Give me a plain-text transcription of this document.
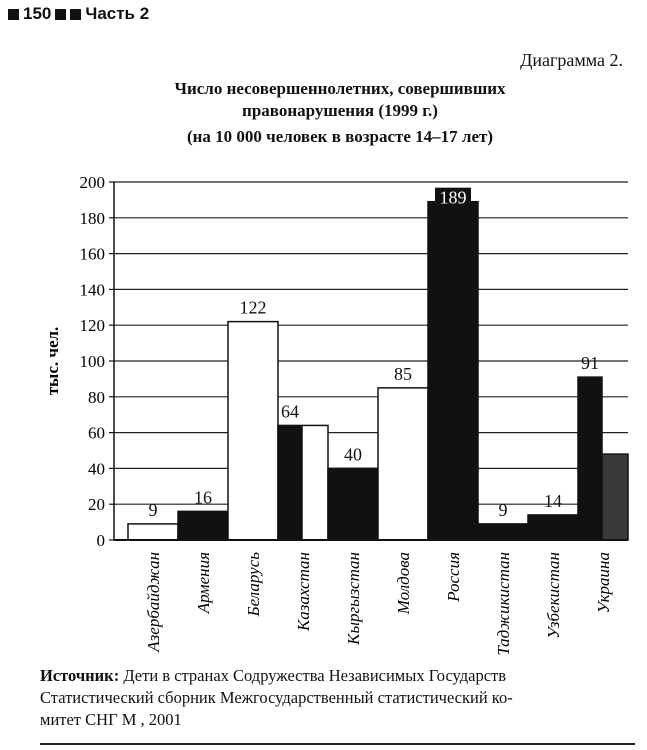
150 Часть 2
Диаграмма 2.
Число несовершеннолетних, совершивших
правонарушения (1999 г.)
(на 10 000 человек в возрасте 14–17 лет)
0
20
40
60
80
100
120
140
160
180
200
тыс. чел.
9
Азербайджан
16
Армения
122
Беларусь
64
Казахстан
40
Кыргызстан
85
Молдова
189
Россия
9
Таджикистан
14
Узбекистан
91
Украина
Источник: Дети в странах Содружества Независимых Государств
Статистический сборник Межгосударственный статистический ко-
митет СНГ М , 2001
